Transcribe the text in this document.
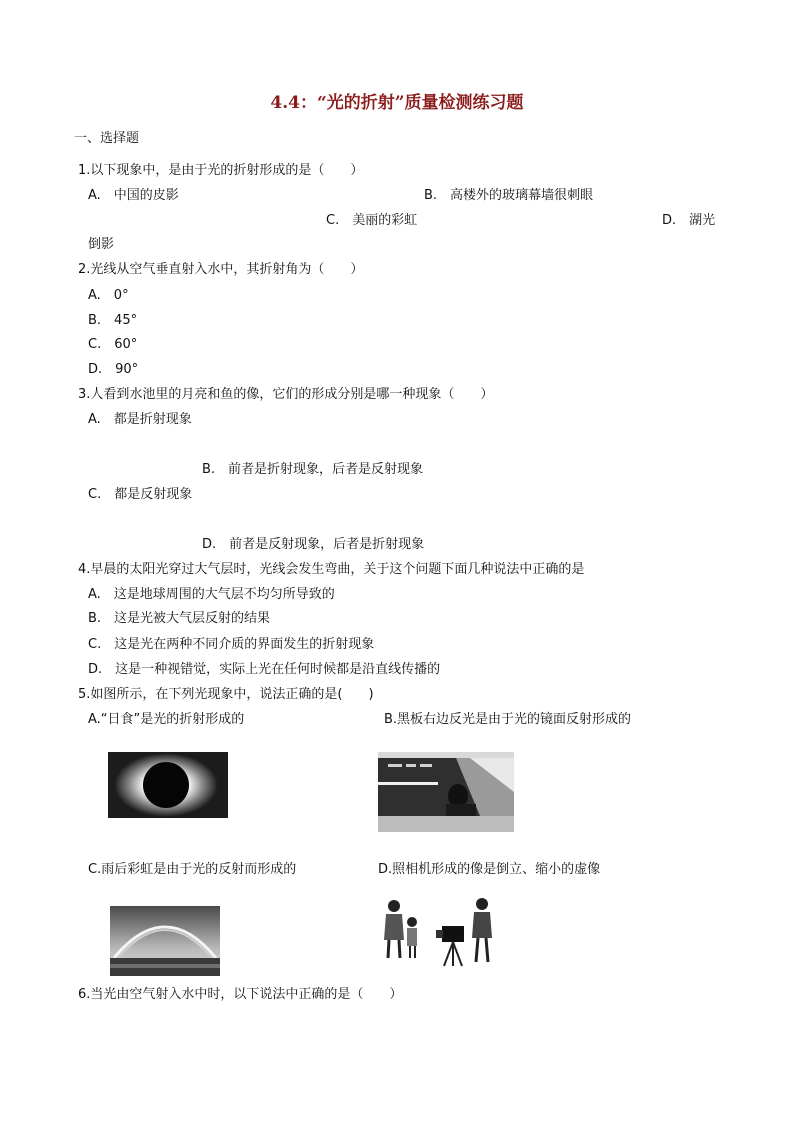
4.4：“光的折射”质量检测练习题
一、选择题
1.以下现象中，是由于光的折射形成的是（　　）
A.　中国的皮影	B.　高楼外的玻璃幕墙很刺眼
C.　美丽的彩虹	D.　湖光
倒影
2.光线从空气垂直射入水中，其折射角为（　　）
A.　0°
B.　45°
C.　60°
D.　90°
3.人看到水池里的月亮和鱼的像，它们的形成分别是哪一种现象（　　）
A.　都是折射现象
B.　前者是折射现象，后者是反射现象
C.　都是反射现象
D.　前者是反射现象，后者是折射现象
4.早晨的太阳光穿过大气层时，光线会发生弯曲，关于这个问题下面几种说法中正确的是
A.　这是地球周围的大气层不均匀所导致的
B.　这是光被大气层反射的结果
C.　这是光在两种不同介质的界面发生的折射现象
D.　这是一种视错觉，实际上光在任何时候都是沿直线传播的
5.如图所示，在下列光现象中，说法正确的是(　　)
A.“日食”是光的折射形成的	B.黑板右边反光是由于光的镜面反射形成的
C.雨后彩虹是由于光的反射而形成的	D.照相机形成的像是倒立、缩小的虚像
6.当光由空气射入水中时，以下说法中正确的是（　　）
